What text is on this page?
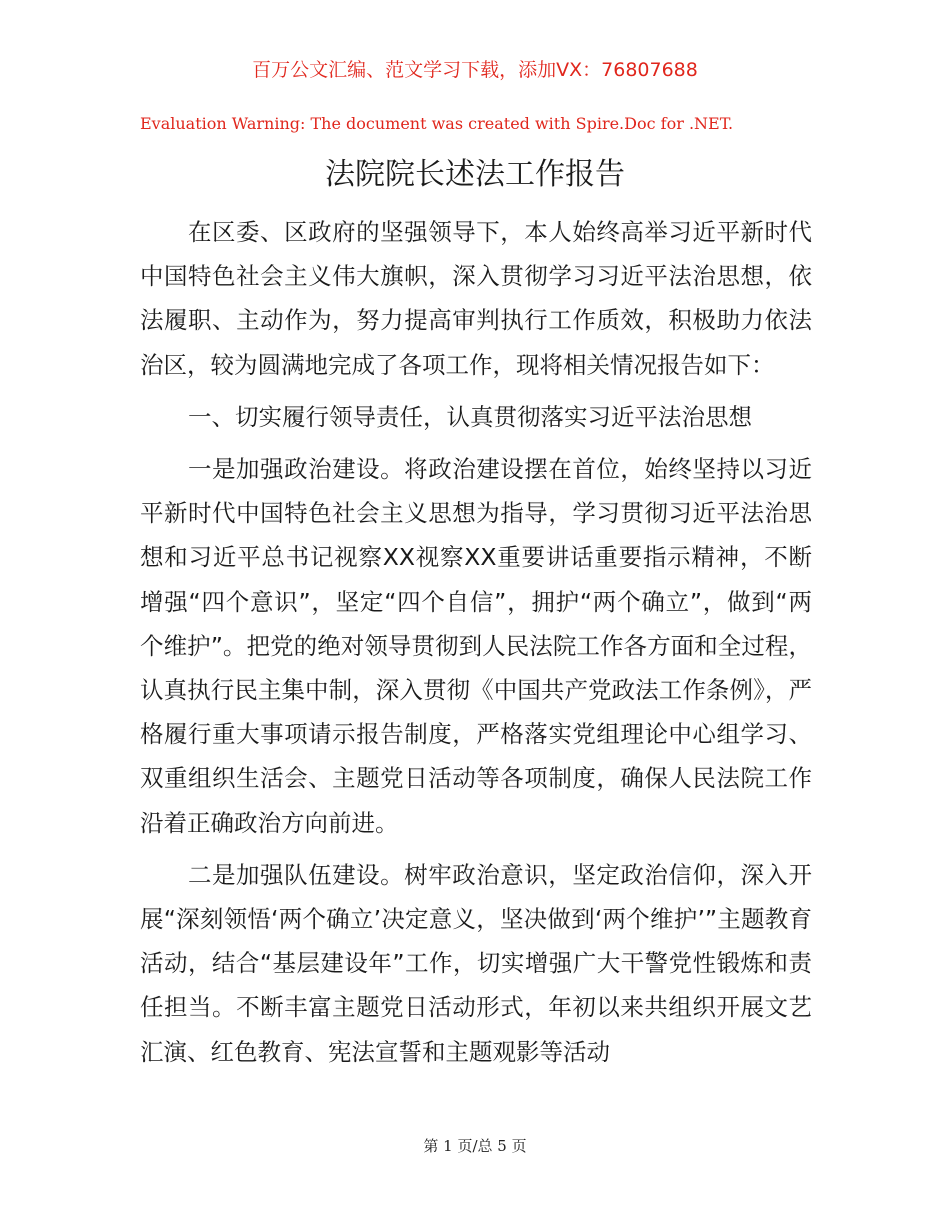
百万公文汇编、范文学习下载，添加VX：76807688
Evaluation Warning: The document was created with Spire.Doc for .NET.
法院院长述法工作报告

在区委、区政府的坚强领导下，本人始终高举习近平新时代中国特色社会主义伟大旗帜，深入贯彻学习习近平法治思想，依法履职、主动作为，努力提高审判执行工作质效，积极助力依法治区，较为圆满地完成了各项工作，现将相关情况报告如下：

一、切实履行领导责任，认真贯彻落实习近平法治思想

一是加强政治建设。将政治建设摆在首位，始终坚持以习近平新时代中国特色社会主义思想为指导，学习贯彻习近平法治思想和习近平总书记视察XX视察XX重要讲话重要指示精神，不断增强“四个意识”，坚定“四个自信”，拥护“两个确立”，做到“两个维护”。把党的绝对领导贯彻到人民法院工作各方面和全过程，认真执行民主集中制，深入贯彻《中国共产党政法工作条例》，严格履行重大事项请示报告制度，严格落实党组理论中心组学习、双重组织生活会、主题党日活动等各项制度，确保人民法院工作沿着正确政治方向前进。

二是加强队伍建设。树牢政治意识，坚定政治信仰，深入开展“深刻领悟‘两个确立’决定意义，坚决做到‘两个维护’”主题教育活动，结合“基层建设年”工作，切实增强广大干警党性锻炼和责任担当。不断丰富主题党日活动形式，年初以来共组织开展文艺汇演、红色教育、宪法宣誓和主题观影等活动

第 1 页/总 5 页
